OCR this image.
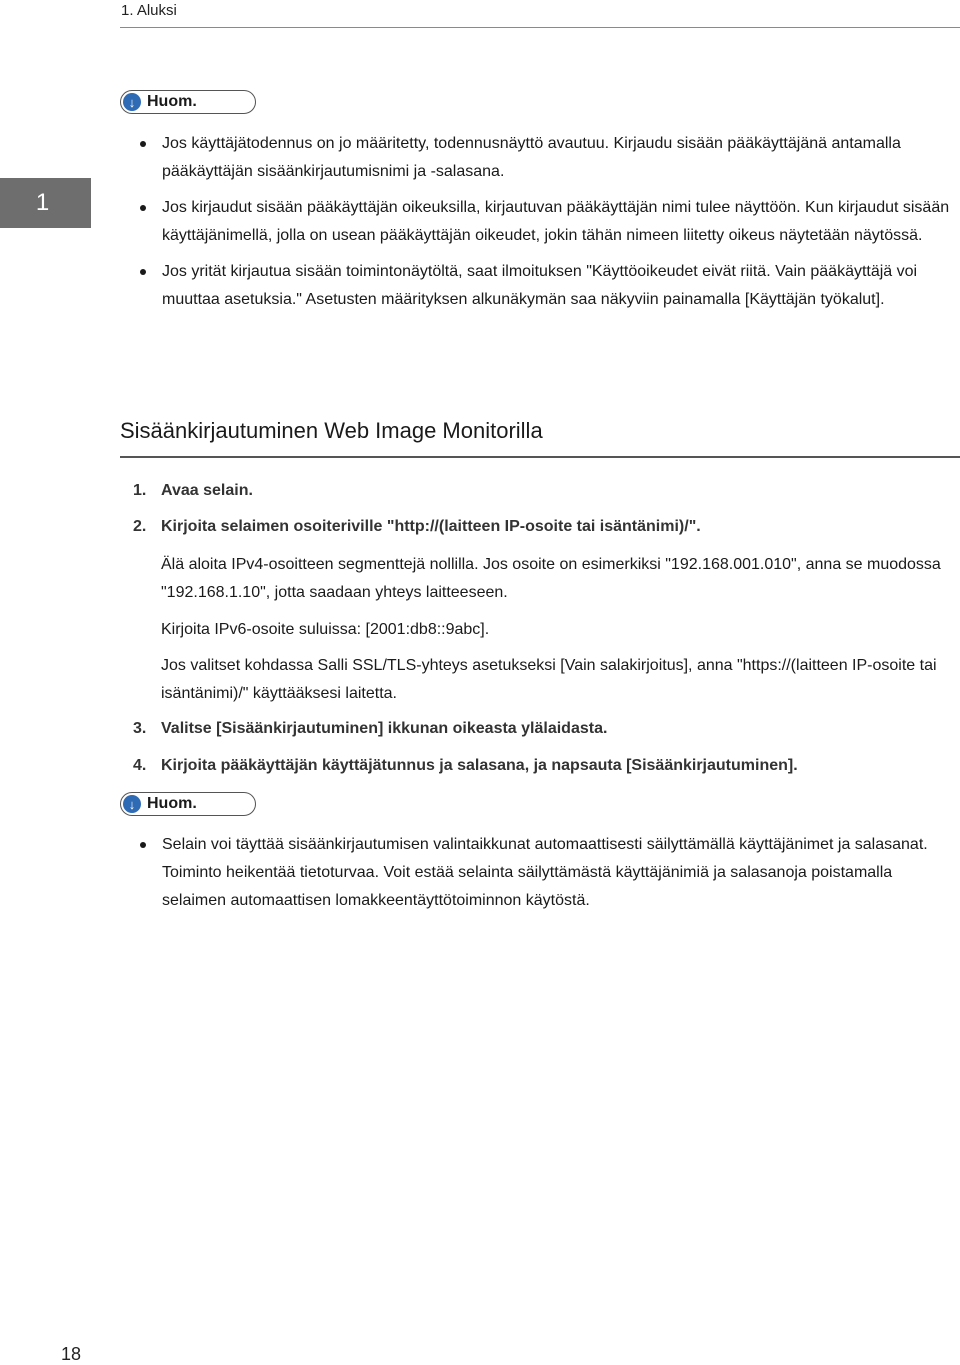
1. Aluksi
1
↓ Huom.
Jos käyttäjätodennus on jo määritetty, todennusnäyttö avautuu. Kirjaudu sisään pääkäyttäjänä antamalla pääkäyttäjän sisäänkirjautumisnimi ja -salasana.
Jos kirjaudut sisään pääkäyttäjän oikeuksilla, kirjautuvan pääkäyttäjän nimi tulee näyttöön. Kun kirjaudut sisään käyttäjänimellä, jolla on usean pääkäyttäjän oikeudet, jokin tähän nimeen liitetty oikeus näytetään näytössä.
Jos yrität kirjautua sisään toimintonäytöltä, saat ilmoituksen "Käyttöoikeudet eivät riitä. Vain pääkäyttäjä voi muuttaa asetuksia." Asetusten määrityksen alkunäkymän saa näkyviin painamalla [Käyttäjän työkalut].
Sisäänkirjautuminen Web Image Monitorilla
1. Avaa selain.
2. Kirjoita selaimen osoiteriville "http://(laitteen IP-osoite tai isäntänimi)/".

Älä aloita IPv4-osoitteen segmenttejä nollilla. Jos osoite on esimerkiksi "192.168.001.010", anna se muodossa "192.168.1.10", jotta saadaan yhteys laitteeseen.

Kirjoita IPv6-osoite suluissa: [2001:db8::9abc].

Jos valitset kohdassa Salli SSL/TLS-yhteys asetukseksi [Vain salakirjoitus], anna "https://(laitteen IP-osoite tai isäntänimi)/" käyttääksesi laitetta.

3. Valitse [Sisäänkirjautuminen] ikkunan oikeasta ylälaidasta.
4. Kirjoita pääkäyttäjän käyttäjätunnus ja salasana, ja napsauta [Sisäänkirjautuminen].
↓ Huom.
Selain voi täyttää sisäänkirjautumisen valintaikkunat automaattisesti säilyttämällä käyttäjänimet ja salasanat. Toiminto heikentää tietoturvaa. Voit estää selainta säilyttämästä käyttäjänimiä ja salasanoja poistamalla selaimen automaattisen lomakkeentäyttötoiminnon käytöstä.
18
